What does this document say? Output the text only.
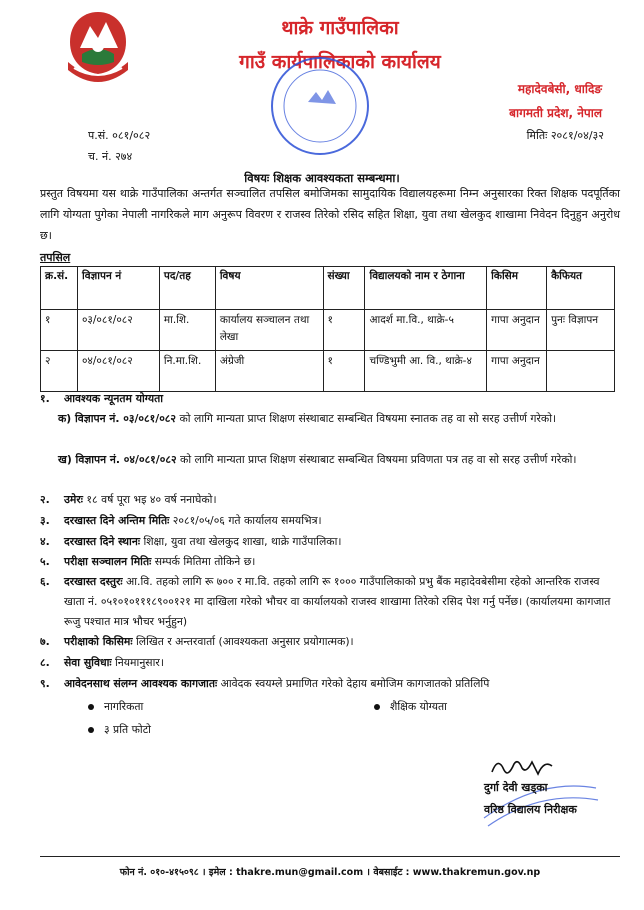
थाक्रे गाउँपालिका
गाउँ कार्यपालिकाको कार्यालय
महादेवबेसी, धादिङ
बागमती प्रदेश, नेपाल
प.सं. ०८१/०८२
च. नं. २७४
मितिः २०८१/०४/३२
विषयः शिक्षक आवश्यकता सम्बन्धमा।
प्रस्तुत विषयमा यस थाक्रे गाउँपालिका अन्तर्गत सञ्चालित तपसिल बमोजिमका सामुदायिक विद्यालयहरूमा निम्न अनुसारका रिक्त शिक्षक पदपूर्तिका लागि योग्यता पुगेका नेपाली नागरिकले माग अनुरूप विवरण र राजस्व तिरेको रसिद सहित शिक्षा, युवा तथा खेलकुद शाखामा निवेदन दिनुहुन अनुरोध छ।
तपसिल
क्र.सं.	विज्ञापन नं	पद/तह	विषय	संख्या	विद्यालयको नाम र ठेगाना	किसिम	कैफियत
१	०३/०८१/०८२	मा.शि.	कार्यालय सञ्चालन तथा लेखा	१	आदर्श मा.वि., थाक्रे-५	गापा अनुदान	पुनः विज्ञापन
२	०४/०८१/०८२	नि.मा.शि.	अंग्रेजी	१	चण्डिभुमी आ. वि., थाक्रे-४	गापा अनुदान	
१. आवश्यक न्यूनतम योग्यता
क) विज्ञापन नं. ०३/०८१/०८२ को लागि मान्यता प्राप्त शिक्षण संस्थाबाट सम्बन्धित विषयमा स्नातक तह वा सो सरह उत्तीर्ण गरेको।
ख) विज्ञापन नं. ०४/०८१/०८२ को लागि मान्यता प्राप्त शिक्षण संस्थाबाट सम्बन्धित विषयमा प्रविणता पत्र तह वा सो सरह उत्तीर्ण गरेको।
२. उमेरः १८ वर्ष पूरा भइ ४० वर्ष ननाघेको।
३. दरखास्त दिने अन्तिम मितिः २०८१/०५/०६ गते कार्यालय समयभित्र।
४. दरखास्त दिने स्थानः शिक्षा, युवा तथा खेलकुद शाखा, थाक्रे गाउँपालिका।
५. परीक्षा सञ्चालन मितिः सम्पर्क मितिमा तोकिने छ।
६. दरखास्त दस्तुरः आ.वि. तहको लागि रू ७०० र मा.वि. तहको लागि रू १००० गाउँपालिकाको प्रभु बैंक महादेवबेसीमा रहेको आन्तरिक राजस्व खाता नं. ०५१०१०१११८९००१२१ मा दाखिला गरेको भौचर वा कार्यालयको राजस्व शाखामा तिरेको रसिद पेश गर्नु पर्नेछ। (कार्यालयमा कागजात रूजु पश्चात मात्र भौचर भर्नुहुन)
७. परीक्षाको किसिमः लिखित र अन्तरवार्ता (आवश्यकता अनुसार प्रयोगात्मक)।
८. सेवा सुविधाः नियमानुसार।
९. आवेदनसाथ संलग्न आवश्यक कागजातः आवेदक स्वयम्ले प्रमाणित गरेको देहाय बमोजिम कागजातको प्रतिलिपि
नागरिकता	शैक्षिक योग्यता
३ प्रति फोटो
दुर्गा देवी खड्का
वरिष्ठ विद्यालय निरीक्षक
फोन नं. ०१०-४१५०९८ । इमेल : thakre.mun@gmail.com । वेबसाईट : www.thakremun.gov.np
